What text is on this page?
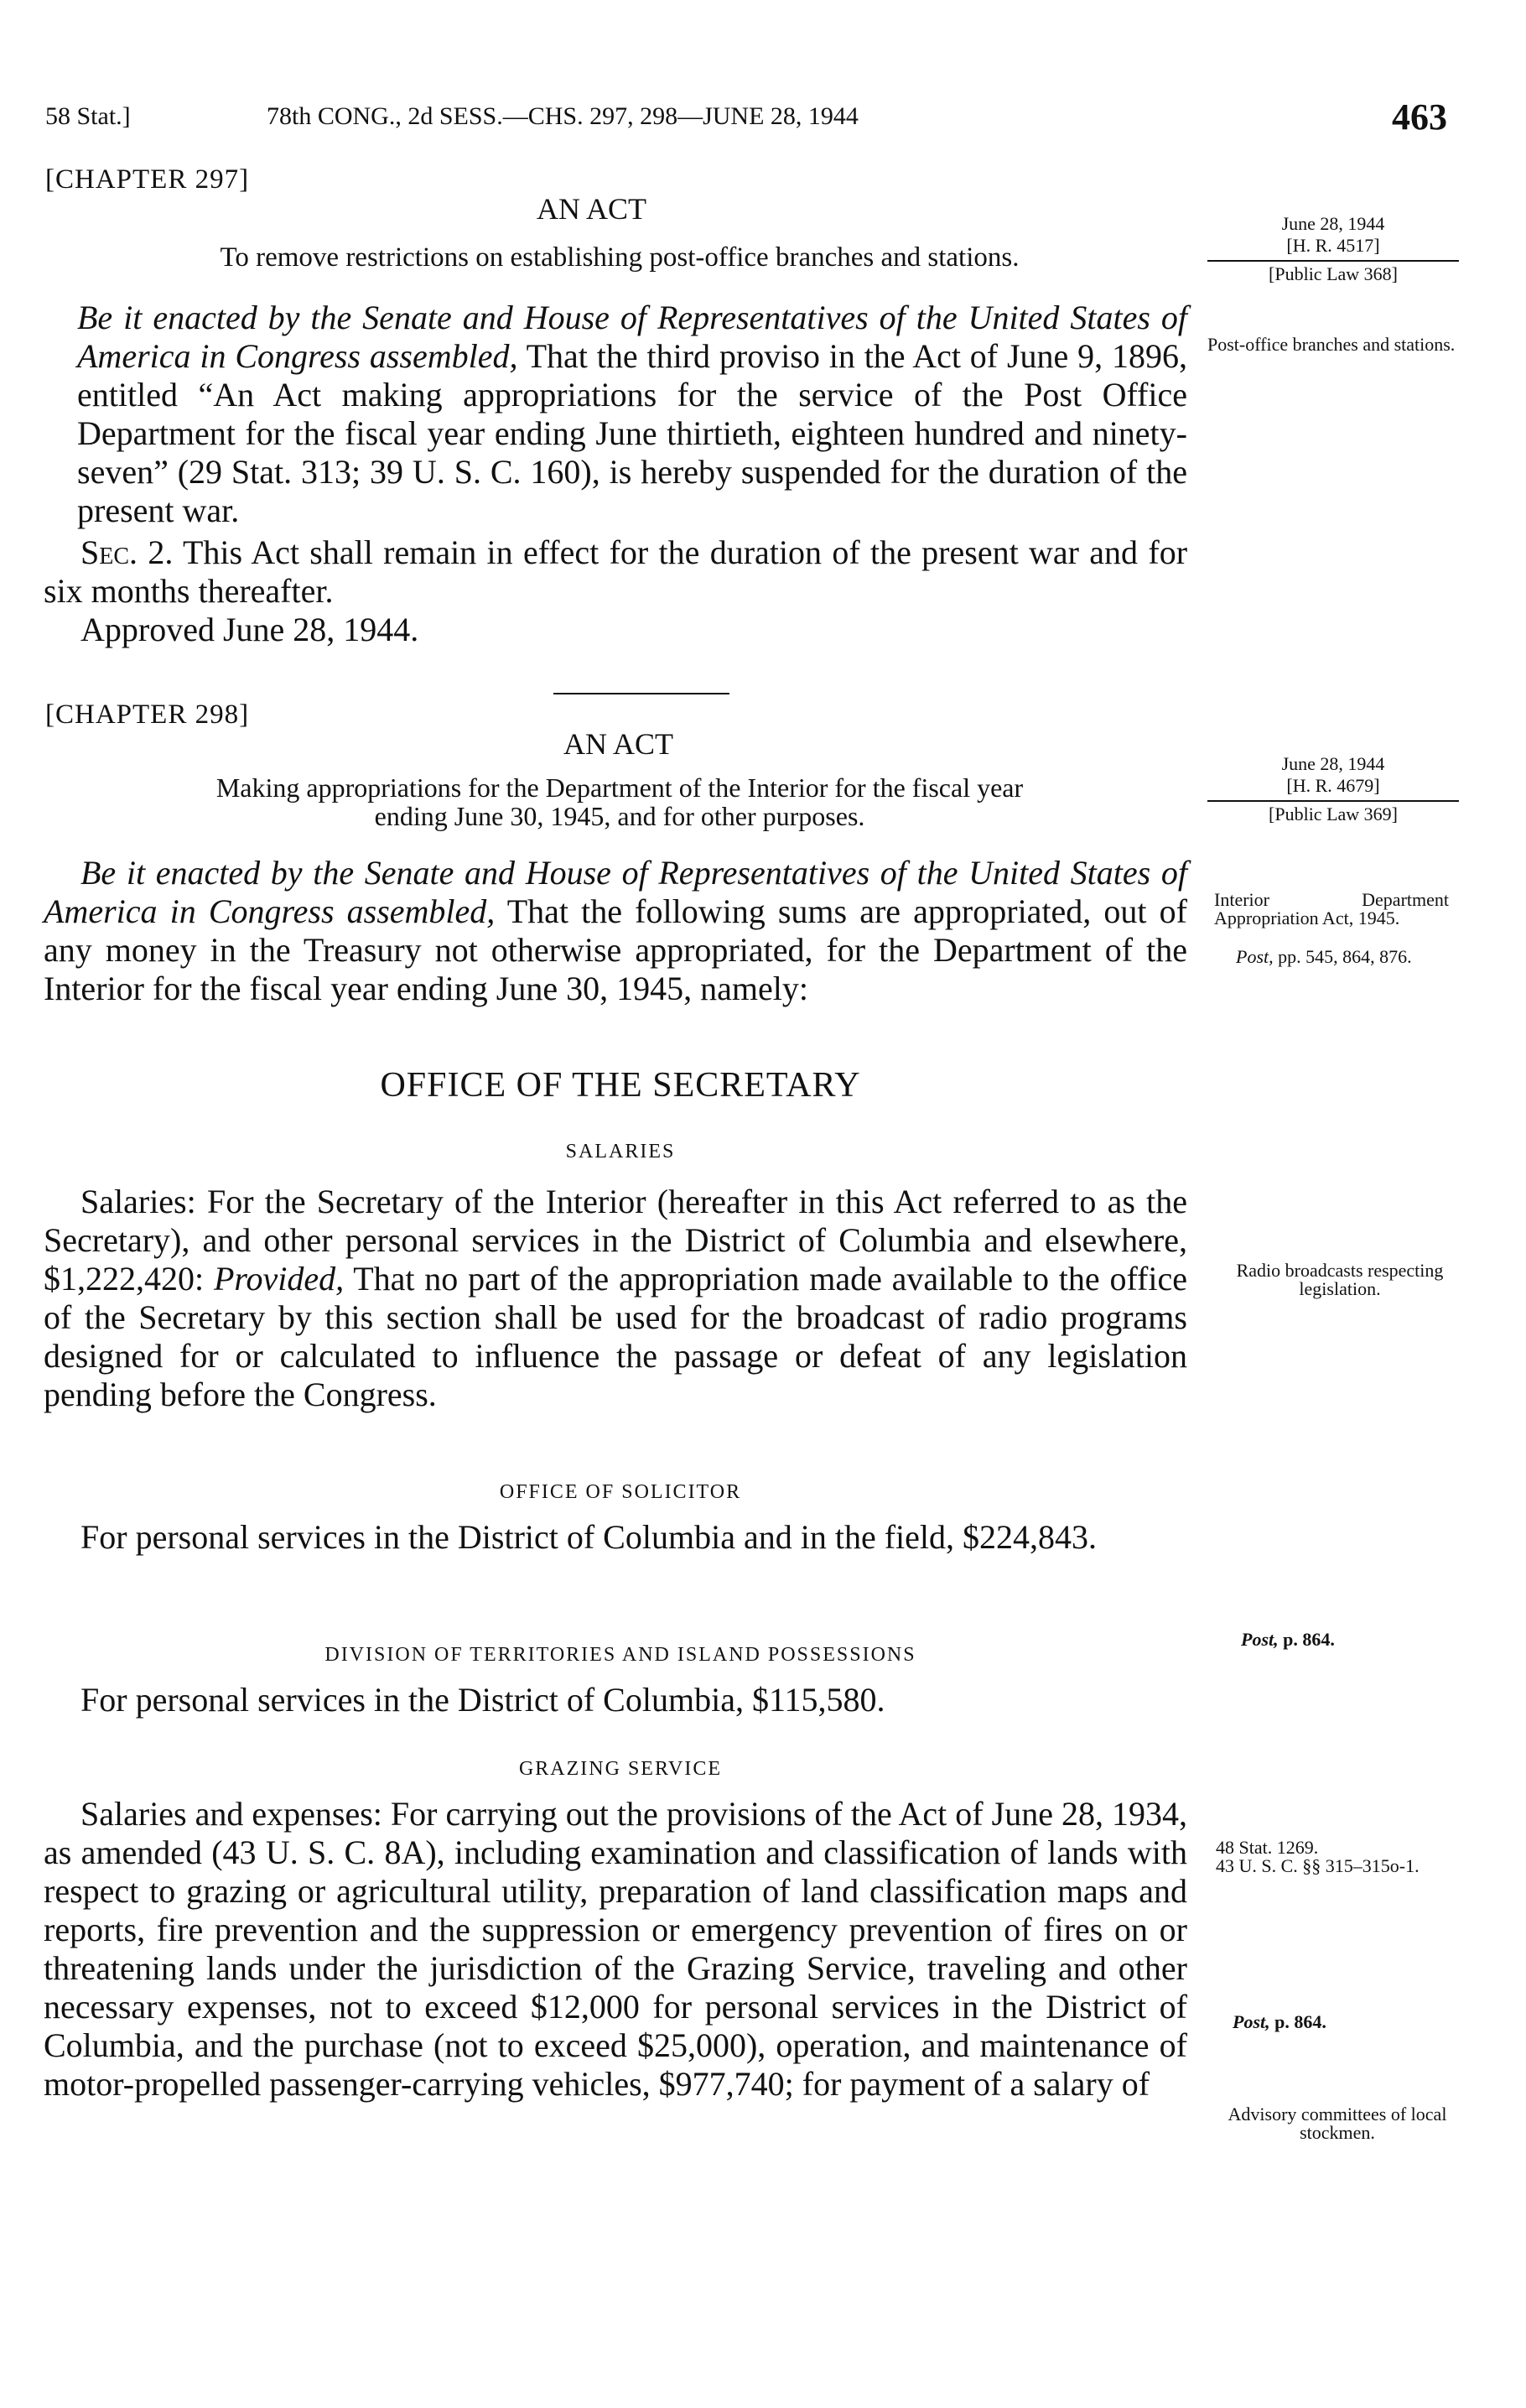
58 Stat.]	78th CONG., 2d SESS.—CHS. 297, 298—JUNE 28, 1944	463
[CHAPTER 297]
AN ACT
To remove restrictions on establishing post-office branches and stations.
June 28, 1944
[H. R. 4517]
[Public Law 368]
Post-office branches and stations.

Be it enacted by the Senate and House of Representatives of the United States of America in Congress assembled, That the third proviso in the Act of June 9, 1896, entitled “An Act making appropriations for the service of the Post Office Department for the fiscal year ending June thirtieth, eighteen hundred and ninety-seven” (29 Stat. 313; 39 U. S. C. 160), is hereby suspended for the duration of the present war.

Sec. 2. This Act shall remain in effect for the duration of the present war and for six months thereafter.

Approved June 28, 1944.
[CHAPTER 298]
AN ACT
Making appropriations for the Department of the Interior for the fiscal year
ending June 30, 1945, and for other purposes.
June 28, 1944
[H. R. 4679]
[Public Law 369]
Interior Department Appropriation Act, 1945.
Post, pp. 545, 864, 876.

Be it enacted by the Senate and House of Representatives of the United States of America in Congress assembled, That the following sums are appropriated, out of any money in the Treasury not otherwise appropriated, for the Department of the Interior for the fiscal year ending June 30, 1945, namely:

OFFICE OF THE SECRETARY
SALARIES

Salaries: For the Secretary of the Interior (hereafter in this Act referred to as the Secretary), and other personal services in the District of Columbia and elsewhere, $1,222,420: Provided, That no part of the appropriation made available to the office of the Secretary by this section shall be used for the broadcast of radio programs designed for or calculated to influence the passage or defeat of any legislation pending before the Congress.

Radio broadcasts respecting legislation.
OFFICE OF SOLICITOR

For personal services in the District of Columbia and in the field, $224,843.

Post, p. 864.
DIVISION OF TERRITORIES AND ISLAND POSSESSIONS

For personal services in the District of Columbia, $115,580.

GRAZING SERVICE

Salaries and expenses: For carrying out the provisions of the Act of June 28, 1934, as amended (43 U. S. C. 8A), including examination and classification of lands with respect to grazing or agricultural utility, preparation of land classification maps and reports, fire prevention and the suppression or emergency prevention of fires on or threatening lands under the jurisdiction of the Grazing Service, traveling and other necessary expenses, not to exceed $12,000 for personal services in the District of Columbia, and the purchase (not to exceed $25,000), operation, and maintenance of motor-propelled passenger-carrying vehicles, $977,740; for payment of a salary of

48 Stat. 1269.
43 U. S. C. §§ 315–315o-1.
Post, p. 864.
Advisory committees of local stockmen.
